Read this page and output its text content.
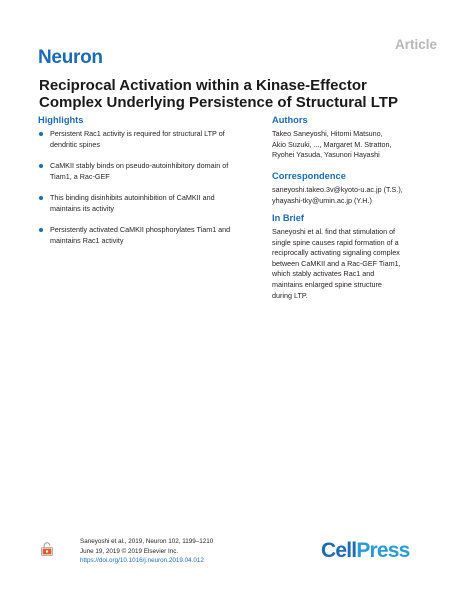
Neuron
Article
Reciprocal Activation within a Kinase-Effector
Complex Underlying Persistence of Structural LTP
Highlights
Persistent Rac1 activity is required for structural LTP of
dendritic spines
CaMKII stably binds on pseudo-autoinhibitory domain of
Tiam1, a Rac-GEF
This binding disinhibits autoinhibition of CaMKII and
maintains its activity
Persistently activated CaMKII phosphorylates Tiam1 and
maintains Rac1 activity
Authors
Takeo Saneyoshi, Hitomi Matsuno,
Akio Suzuki, ..., Margaret M. Stratton,
Ryohei Yasuda, Yasunori Hayashi
Correspondence
saneyoshi.takeo.3v@kyoto-u.ac.jp (T.S.),
yhayashi-tky@umin.ac.jp (Y.H.)
In Brief
Saneyoshi et al. find that stimulation of
single spine causes rapid formation of a
reciprocally activating signaling complex
between CaMKII and a Rac-GEF Tiam1,
which stably activates Rac1 and
maintains enlarged spine structure
during LTP.
Saneyoshi et al., 2019, Neuron 102, 1199–1210
June 19, 2019 © 2019 Elsevier Inc.
https://doi.org/10.1016/j.neuron.2019.04.012	CellPress
